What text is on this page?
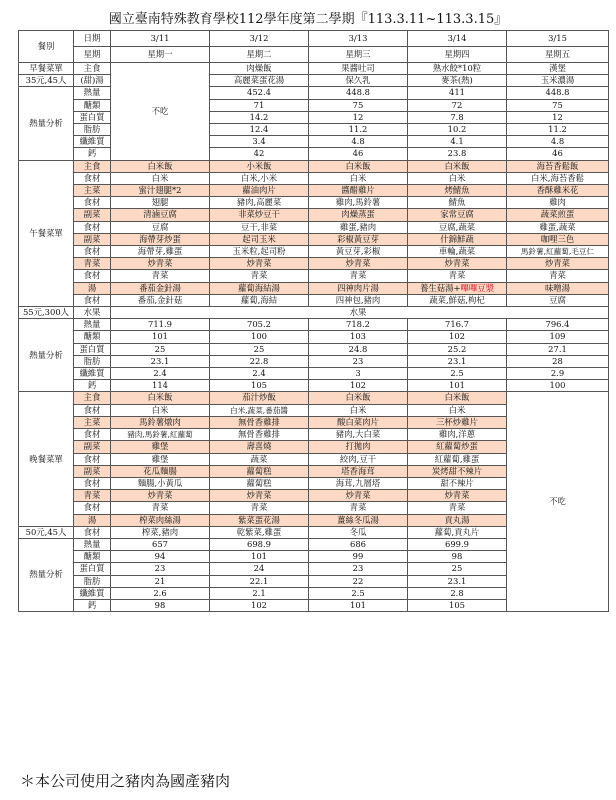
國立臺南特殊教育學校112學年度第二學期『113.3.11~113.3.15』
餐別	日期	3/11	3/12	3/13	3/14	3/15
	星期	星期一	星期二	星期三	星期四	星期五
早餐菜單	主食	不吃	肉燥飯	果醬吐司	熟水餃*10粒	漢堡
35元,45人	(甜)湯		高麗菜蛋花湯	保久乳	麥茶(熱)	玉米濃湯
熱量分析	熱量		452.4	448.8	411	448.8
	醣類		71	75	72	75
	蛋白質		14.2	12	7.8	12
	脂肪		12.4	11.2	10.2	11.2
	纖維質		3.4	4.8	4.1	4.8
	鈣		42	46	23.8	46
午餐菜單	主食	白米飯	小米飯	白米飯	白米飯	海苔香鬆飯
	食材	白米	白米,小米	白米	白米	白米,海苔香鬆
	主菜	蜜汁翅腿*2	蘿油肉片	醬醋雞片	烤鯖魚	香酥雞米花
	食材	翅腿	豬肉,高麗菜	雞肉,馬鈴薯	鯖魚	雞肉
	副菜	清滷豆腐	非菜炒豆干	肉燥蒸蛋	家常豆腐	蔬菜煎蛋
	食材	豆腐	豆干,非菜	雞蛋,豬肉	豆腐,蔬菜	雞蛋,蔬菜
	副菜	海帶芽炒蛋	起司玉米	彩椒黃豆芽	什錦鮮蔬	咖哩三色
	食材	海帶芽,雞蛋	玉米粒,起司粉	黃豆芽,彩椒	車輪,蔬菜	馬鈴薯,紅蘿蔔,毛豆仁
	青菜	炒青菜	炒青菜	炒青菜	炒青菜	炒青菜
	食材	青菜	青菜	青菜	青菜	青菜
	湯	番茄金針湯	蘿蔔海結湯	四神肉片湯	養生菇湯+嗶嗶豆漿	味噌湯
	食材	番茄,金針菇	蘿蔔,海結	四神包,豬肉	蔬菜,鮮菇,枸杞	豆腐
55元,300人	水果			水果		
熱量分析	熱量	711.9	705.2	718.2	716.7	796.4
	醣類	101	100	103	102	109
	蛋白質	25	25	24.8	25.2	27.1
	脂肪	23.1	22.8	23	23.1	28
	纖維質	2.4	2.4	3	2.5	2.9
	鈣	114	105	102	101	100
晚餐菜單	主食	白米飯	茄汁炒飯	白米飯	白米飯	不吃
	食材	白米	白米,蔬菜,番茄醬	白米	白米	
	主菜	馬鈴薯燉肉	無骨香雞排	酸白菜肉片	三杯炒雞片	
	食材	豬肉,馬鈴薯,紅蘿蔔	無骨香雞排	豬肉,大白菜	雞肉,洋蔥	
	副菜	雞堡	壽喜燒	打拋肉	紅蘿蔔炒蛋	
	食材	雞堡	蔬菜	絞肉,豆干	紅蘿蔔,雞蛋	
	副菜	花瓜麵腸	蘿蔔糕	塔香海茸	炭烤甜不辣片	
	食材	麵腸,小黃瓜	蘿蔔糕	海茸,九層塔	甜不辣片	
	青菜	炒青菜	炒青菜	炒青菜	炒青菜	
	食材	青菜	青菜	青菜	青菜	
	湯	榨菜肉絲湯	紫菜蛋花湯	薑絲冬瓜湯	貢丸湯	
50元,45人	食材	榨菜,豬肉	乾紫菜,雞蛋	冬瓜	蘿蔔,貢丸片	
熱量分析	熱量	657	698.9	686	699.9	
	醣類	94	101	99	98	
	蛋白質	23	24	23	25	
	脂肪	21	22.1	22	23.1	
	纖維質	2.6	2.1	2.5	2.8	
	鈣	98	102	101	105	
＊本公司使用之豬肉為國產豬肉
